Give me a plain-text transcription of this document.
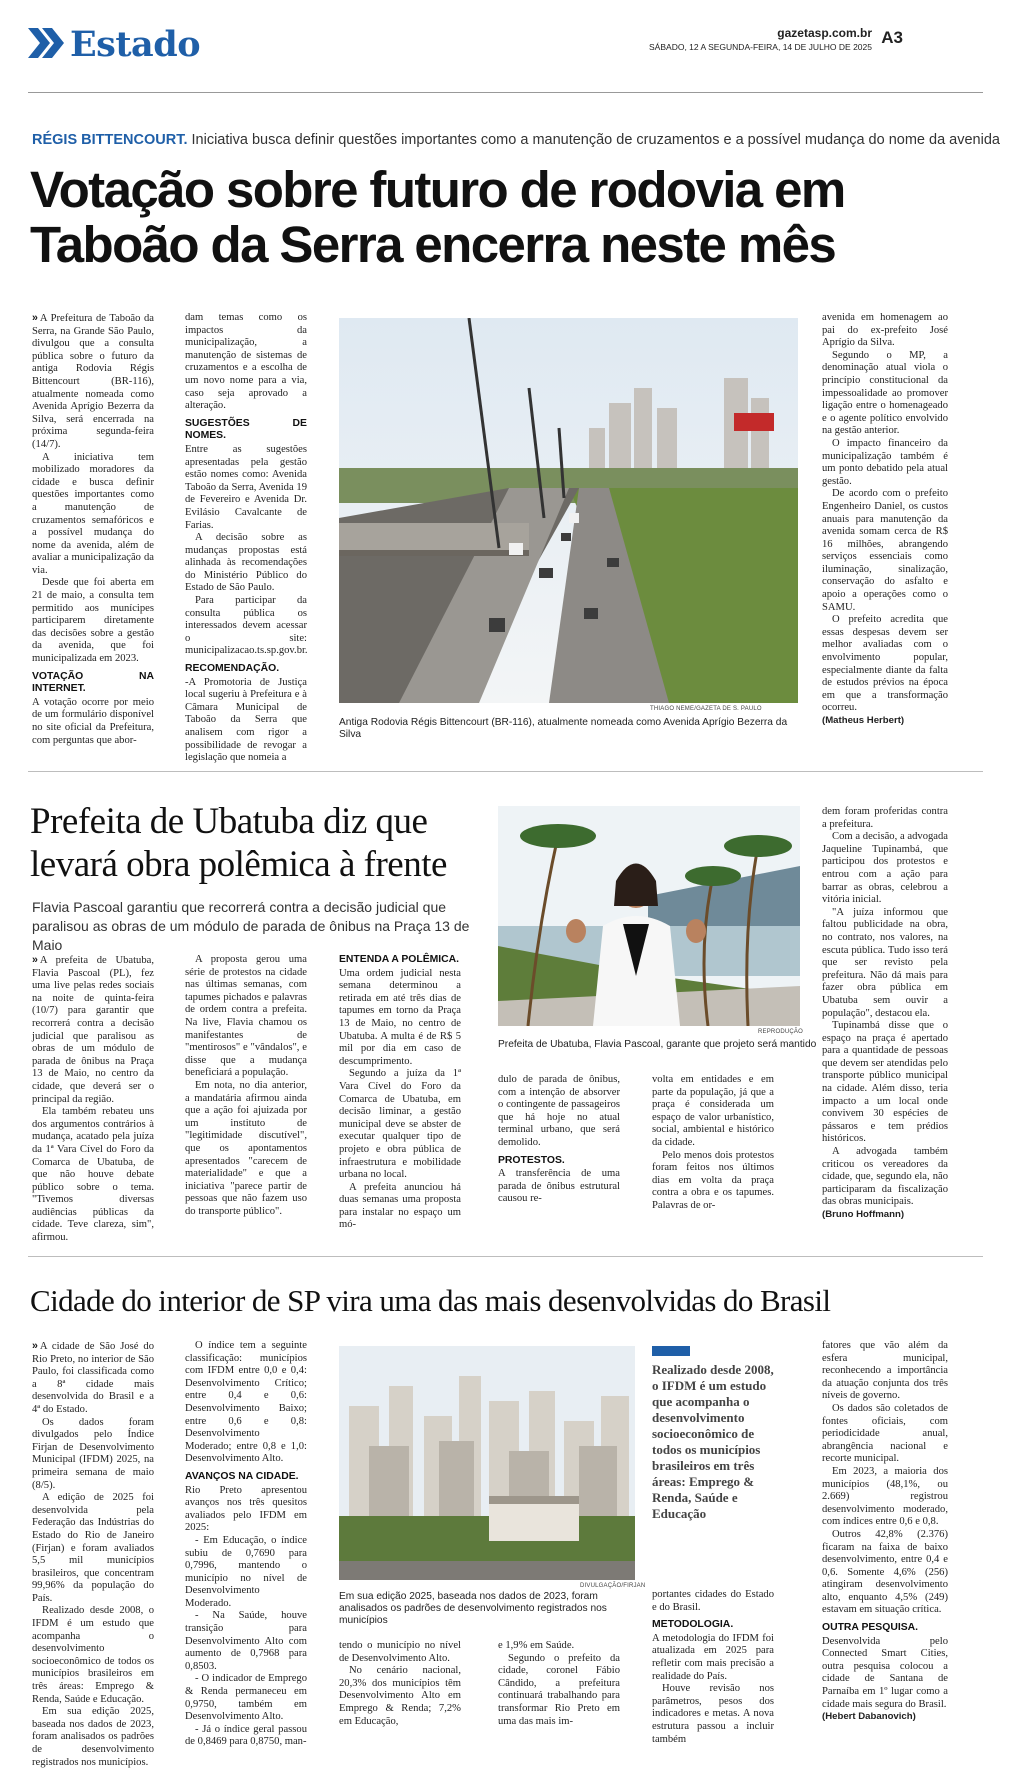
Estado	gazetasp.com.br
SÁBADO, 12 A SEGUNDA-FEIRA, 14 DE JULHO DE 2025 A3
RÉGIS BITTENCOURT. Iniciativa busca definir questões importantes como a manutenção de cruzamentos e a possível mudança do nome da avenida
Votação sobre futuro de rodovia em
Taboão da Serra encerra neste mês

» A Prefeitura de Taboão da Serra, na Grande São Paulo, divulgou que a consulta pública sobre o futuro da antiga Rodovia Régis Bittencourt (BR-116), atualmente nomeada como Avenida Aprígio Bezerra da Silva, será encerrada na próxima segunda-feira (14/7).

A iniciativa tem mobilizado moradores da cidade e busca definir questões importantes como a manutenção de cruzamentos semafóricos e a possível mudança do nome da avenida, além de avaliar a municipalização da via.

Desde que foi aberta em 21 de maio, a consulta tem permitido aos munícipes participarem diretamente das decisões sobre a gestão da avenida, que foi municipalizada em 2023.

VOTAÇÃO NA INTERNET.

A votação ocorre por meio de um formulário disponível no site oficial da Prefeitura, com perguntas que abor-

dam temas como os impactos da municipalização, a manutenção de sistemas de cruzamentos e a escolha de um novo nome para a via, caso seja aprovado a alteração.

SUGESTÕES DE NOMES.

Entre as sugestões apresentadas pela gestão estão nomes como: Avenida Taboão da Serra, Avenida 19 de Fevereiro e Avenida Dr. Evilásio Cavalcante de Farias.

A decisão sobre as mudanças propostas está alinhada às recomendações do Ministério Público do Estado de São Paulo.

Para participar da consulta pública os interessados devem acessar o site: municipalizacao.ts.sp.gov.br.

RECOMENDAÇÃO.

-A Promotoria de Justiça local sugeriu à Prefeitura e à Câmara Municipal de Taboão da Serra que analisem com rigor a possibilidade de revogar a legislação que nomeia a

THIAGO NEME/GAZETA DE S. PAULO
Antiga Rodovia Régis Bittencourt (BR-116), atualmente nomeada como Avenida Aprígio Bezerra da Silva

avenida em homenagem ao pai do ex-prefeito José Aprígio da Silva.

Segundo o MP, a denominação atual viola o princípio constitucional da impessoalidade ao promover ligação entre o homenageado e o agente político envolvido na gestão anterior.

O impacto financeiro da municipalização também é um ponto debatido pela atual gestão.

De acordo com o prefeito Engenheiro Daniel, os custos anuais para manutenção da avenida somam cerca de R$ 16 milhões, abrangendo serviços essenciais como iluminação, sinalização, conservação do asfalto e apoio a operações como o SAMU.

O prefeito acredita que essas despesas devem ser melhor avaliadas com o envolvimento popular, especialmente diante da falta de estudos prévios na época em que a transformação ocorreu.

(Matheus Herbert)

Prefeita de Ubatuba diz que
levará obra polêmica à frente
Flavia Pascoal garantiu que recorrerá contra a decisão judicial que paralisou as obras de um módulo de parada de ônibus na Praça 13 de Maio

» A prefeita de Ubatuba, Flavia Pascoal (PL), fez uma live pelas redes sociais na noite de quinta-feira (10/7) para garantir que recorrerá contra a decisão judicial que paralisou as obras de um módulo de parada de ônibus na Praça 13 de Maio, no centro da cidade, que deverá ser o principal da região.

Ela também rebateu uns dos argumentos contrários à mudança, acatado pela juíza da 1ª Vara Cível do Foro da Comarca de Ubatuba, de que não houve debate público sobre o tema. "Tivemos diversas audiências públicas da cidade. Teve clareza, sim", afirmou.

A proposta gerou uma série de protestos na cidade nas últimas semanas, com tapumes pichados e palavras de ordem contra a prefeita. Na live, Flavia chamou os manifestantes de "mentirosos" e "vândalos", e disse que a mudança beneficiará a população.

Em nota, no dia anterior, a mandatária afirmou ainda que a ação foi ajuizada por um instituto de "legitimidade discutível", que os apontamentos apresentados "carecem de materialidade" e que a iniciativa "parece partir de pessoas que não fazem uso do transporte público".

ENTENDA A POLÊMICA.

Uma ordem judicial nesta semana determinou a retirada em até três dias de tapumes em torno da Praça 13 de Maio, no centro de Ubatuba. A multa é de R$ 5 mil por dia em caso de descumprimento.

Segundo a juíza da 1ª Vara Cível do Foro da Comarca de Ubatuba, em decisão liminar, a gestão municipal deve se abster de executar qualquer tipo de projeto e obra pública de infraestrutura e mobilidade urbana no local.

A prefeita anunciou há duas semanas uma proposta para instalar no espaço um mó-

REPRODUÇÃO
Prefeita de Ubatuba, Flavia Pascoal, garante que projeto será mantido

dulo de parada de ônibus, com a intenção de absorver o contingente de passageiros que há hoje no atual terminal urbano, que será demolido.

PROTESTOS.

A transferência de uma parada de ônibus estrutural causou re-

volta em entidades e em parte da população, já que a praça é considerada um espaço de valor urbanístico, social, ambiental e histórico da cidade.

Pelo menos dois protestos foram feitos nos últimos dias em volta da praça contra a obra e os tapumes. Palavras de or-

dem foram proferidas contra a prefeitura.

Com a decisão, a advogada Jaqueline Tupinambá, que participou dos protestos e entrou com a ação para barrar as obras, celebrou a vitória inicial.

"A juíza informou que faltou publicidade na obra, no contrato, nos valores, na escuta pública. Tudo isso terá que ser revisto pela prefeitura. Não dá mais para fazer obra pública em Ubatuba sem ouvir a população", destacou ela.

Tupinambá disse que o espaço na praça é apertado para a quantidade de pessoas que devem ser atendidas pelo transporte público municipal na cidade. Além disso, teria impacto a um local onde convivem 30 espécies de pássaros e tem prédios históricos.

A advogada também criticou os vereadores da cidade, que, segundo ela, não participaram da fiscalização das obras municipais.

(Bruno Hoffmann)

Cidade do interior de SP vira uma das mais desenvolvidas do Brasil

» A cidade de São José do Rio Preto, no interior de São Paulo, foi classificada como a 8ª cidade mais desenvolvida do Brasil e a 4ª do Estado.

Os dados foram divulgados pelo Índice Firjan de Desenvolvimento Municipal (IFDM) 2025, na primeira semana de maio (8/5).

A edição de 2025 foi desenvolvida pela Federação das Indústrias do Estado do Rio de Janeiro (Firjan) e foram avaliados 5,5 mil municípios brasileiros, que concentram 99,96% da população do País.

Realizado desde 2008, o IFDM é um estudo que acompanha o desenvolvimento socioeconômico de todos os municípios brasileiros em três áreas: Emprego & Renda, Saúde e Educação.

Em sua edição 2025, baseada nos dados de 2023, foram analisados os padrões de desenvolvimento registrados nos municípios.

O índice tem a seguinte classificação: municípios com IFDM entre 0,0 e 0,4: Desenvolvimento Crítico; entre 0,4 e 0,6: Desenvolvimento Baixo; entre 0,6 e 0,8: Desenvolvimento Moderado; entre 0,8 e 1,0: Desenvolvimento Alto.

AVANÇOS NA CIDADE.

Rio Preto apresentou avanços nos três quesitos avaliados pelo IFDM em 2025:

- Em Educação, o índice subiu de 0,7690 para 0,7996, mantendo o município no nível de Desenvolvimento Moderado.

- Na Saúde, houve transição para Desenvolvimento Alto com aumento de 0,7968 para 0,8503.

- O indicador de Emprego & Renda permaneceu em 0,9750, também em Desenvolvimento Alto.

- Já o índice geral passou de 0,8469 para 0,8750, man-

DIVULGAÇÃO/FIRJAN
Em sua edição 2025, baseada nos dados de 2023, foram analisados os padrões de desenvolvimento registrados nos municípios

tendo o município no nível de Desenvolvimento Alto.

No cenário nacional, 20,3% dos municípios têm Desenvolvimento Alto em Emprego & Renda; 7,2% em Educação,

e 1,9% em Saúde.

Segundo o prefeito da cidade, coronel Fábio Cândido, a prefeitura continuará trabalhando para transformar Rio Preto em uma das mais im-

Realizado desde 2008, o IFDM é um estudo que acompanha o desenvolvimento socioeconômico de todos os municípios brasileiros em três áreas: Emprego & Renda, Saúde e Educação

portantes cidades do Estado e do Brasil.

METODOLOGIA.

A metodologia do IFDM foi atualizada em 2025 para refletir com mais precisão a realidade do País.

Houve revisão nos parâmetros, pesos dos indicadores e metas. A nova estrutura passou a incluir também

fatores que vão além da esfera municipal, reconhecendo a importância da atuação conjunta dos três níveis de governo.

Os dados são coletados de fontes oficiais, com periodicidade anual, abrangência nacional e recorte municipal.

Em 2023, a maioria dos municípios (48,1%, ou 2.669) registrou desenvolvimento moderado, com índices entre 0,6 e 0,8.

Outros 42,8% (2.376) ficaram na faixa de baixo desenvolvimento, entre 0,4 e 0,6. Somente 4,6% (256) atingiram desenvolvimento alto, enquanto 4,5% (249) estavam em situação crítica.

OUTRA PESQUISA.

Desenvolvida pelo Connected Smart Cities, outra pesquisa colocou a cidade de Santana de Parnaíba em 1º lugar como a cidade mais segura do Brasil.

(Hebert Dabanovich)
